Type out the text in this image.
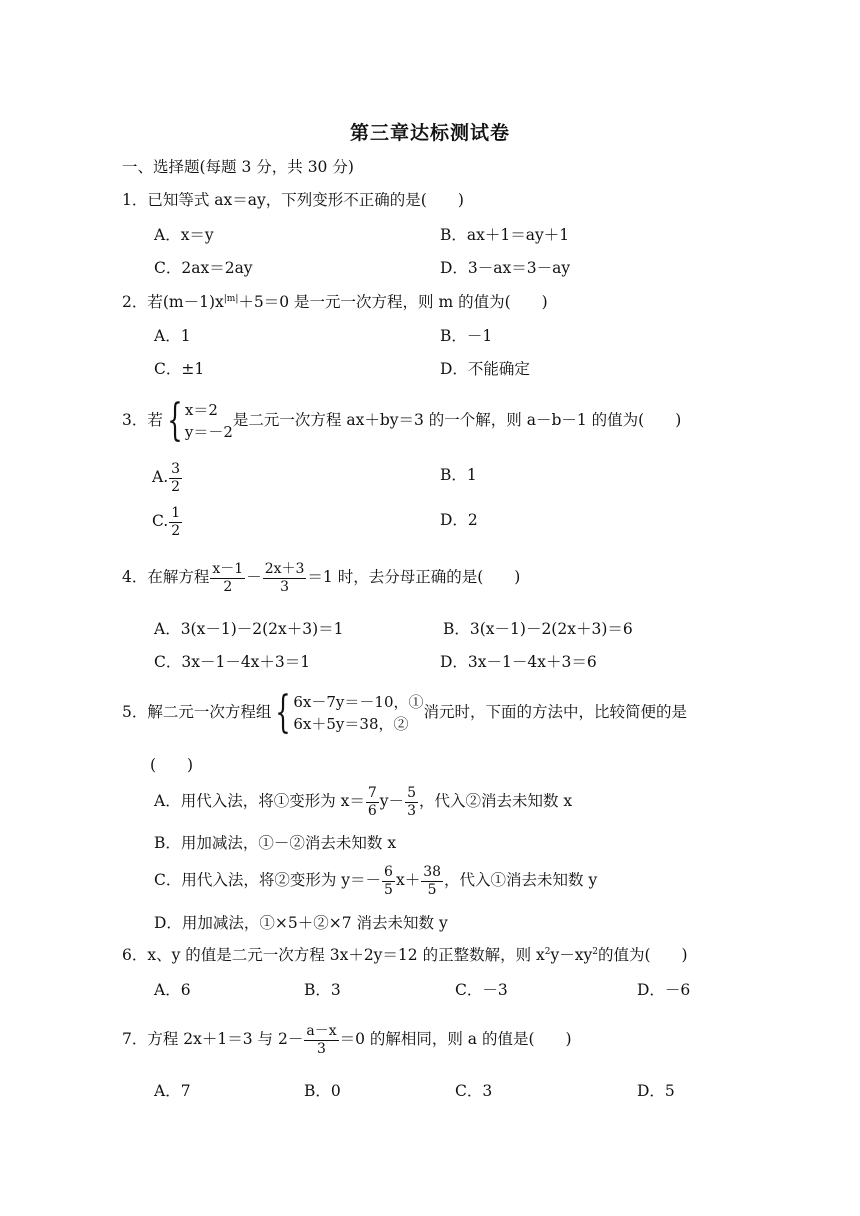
第三章达标测试卷
一、选择题(每题 3 分，共 30 分)
1．已知等式 ax＝ay，下列变形不正确的是(　　)
A．x＝y	B．ax＋1＝ay＋1
C．2ax＝2ay	D．3－ax＝3－ay
2．若$(m-1)x^{|m|}+5=0$ 是一元一次方程，则 m 的值为(　　)
A．1	B．－1
C．±1	D．不能确定
3．若{ x＝2
y＝－2
是二元一次方程 ax＋by＝3 的一个解，则 a－b－1 的值为(　　)
A. $\frac{3}{2}$	B．1
C. $\frac{1}{2}$	D．2
4．在解方程 $\frac{x-1}{2} - \frac{2x+3}{3} =1$ 时，去分母正确的是(　　)
A．3(x－1)－2(2x＋3)＝1	B．3(x－1)－2(2x＋3)＝6
C．3x－1－4x＋3＝1	D．3x－1－4x＋3＝6
5．解二元一次方程组{ 6x－7y＝－10，①
6x＋5y＝38，②
消元时，下面的方法中，比较简便的是
(　　)
A．用代入法，将①变形为 $x= \frac{7}{6} y- \frac{5}{3}$ ，代入②消去未知数 x
B．用加减法，①－②消去未知数 x
C．用代入法，将②变形为 $y=- \frac{6}{5} x+ \frac{38}{5}$ ，代入①消去未知数 y
D．用加减法，①×5＋②×7 消去未知数 y
6．x、y 的值是二元一次方程 3x＋2y＝12 的正整数解，则 $x^2y-xy^2$的值为(　　)
A．6	B．3	C．－3	D．－6
7．方程 2x＋1＝3 与 $2- \frac{a-x}{3} =0$ 的解相同，则 a 的值是(　　)
A．7	B．0	C．3	D．5
